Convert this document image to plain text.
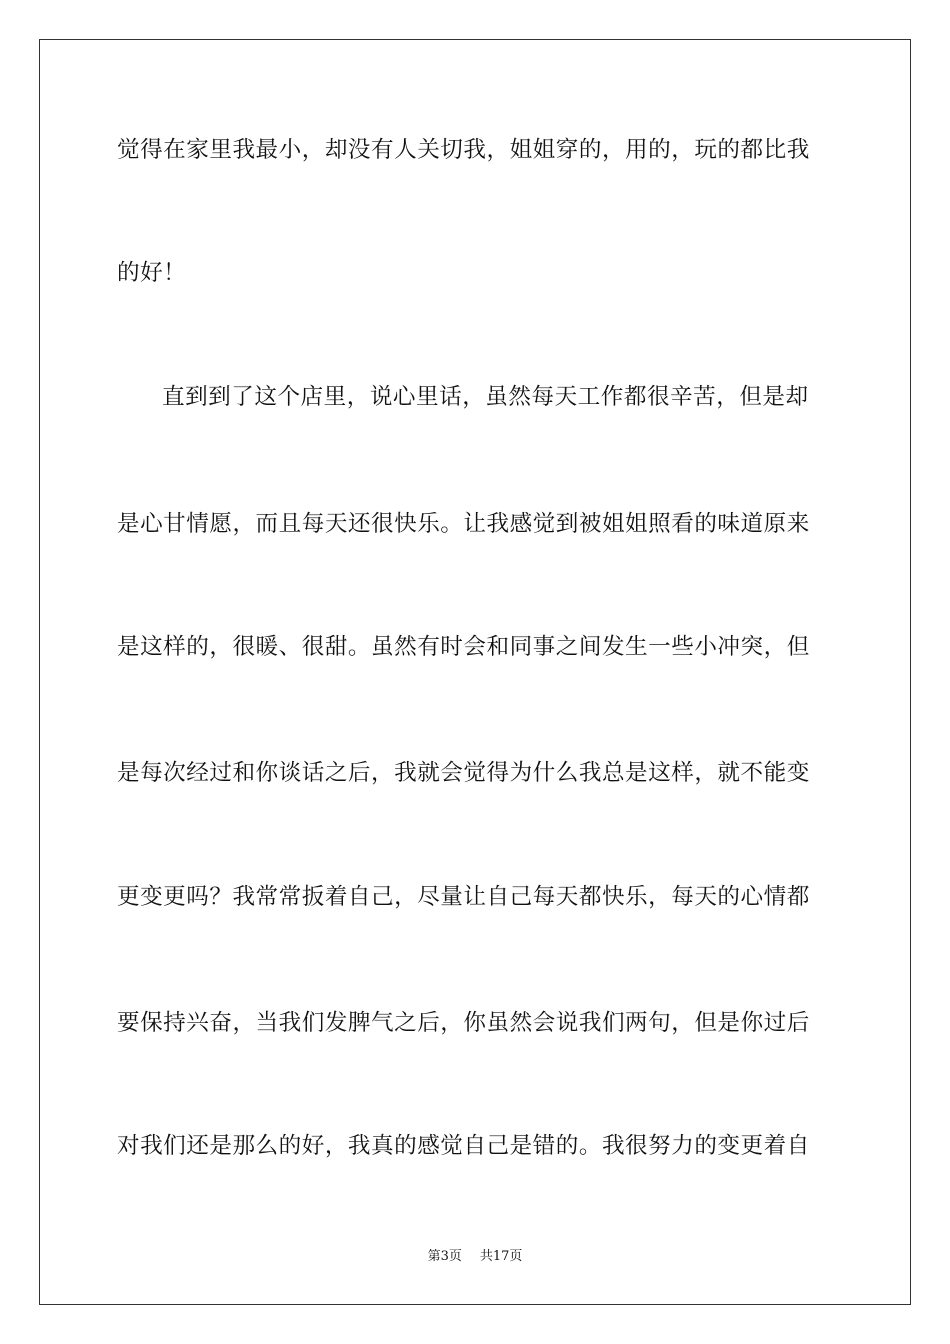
觉得在家里我最小，却没有人关切我，姐姐穿的，用的，玩的都比我
的好！
直到到了这个店里，说心里话，虽然每天工作都很辛苦，但是却
是心甘情愿，而且每天还很快乐。让我感觉到被姐姐照看的味道原来
是这样的，很暖、很甜。虽然有时会和同事之间发生一些小冲突，但
是每次经过和你谈话之后，我就会觉得为什么我总是这样，就不能变
更变更吗？我常常扳着自己，尽量让自己每天都快乐，每天的心情都
要保持兴奋，当我们发脾气之后，你虽然会说我们两句，但是你过后
对我们还是那么的好，我真的感觉自己是错的。我很努力的变更着自
第3页 共17页
